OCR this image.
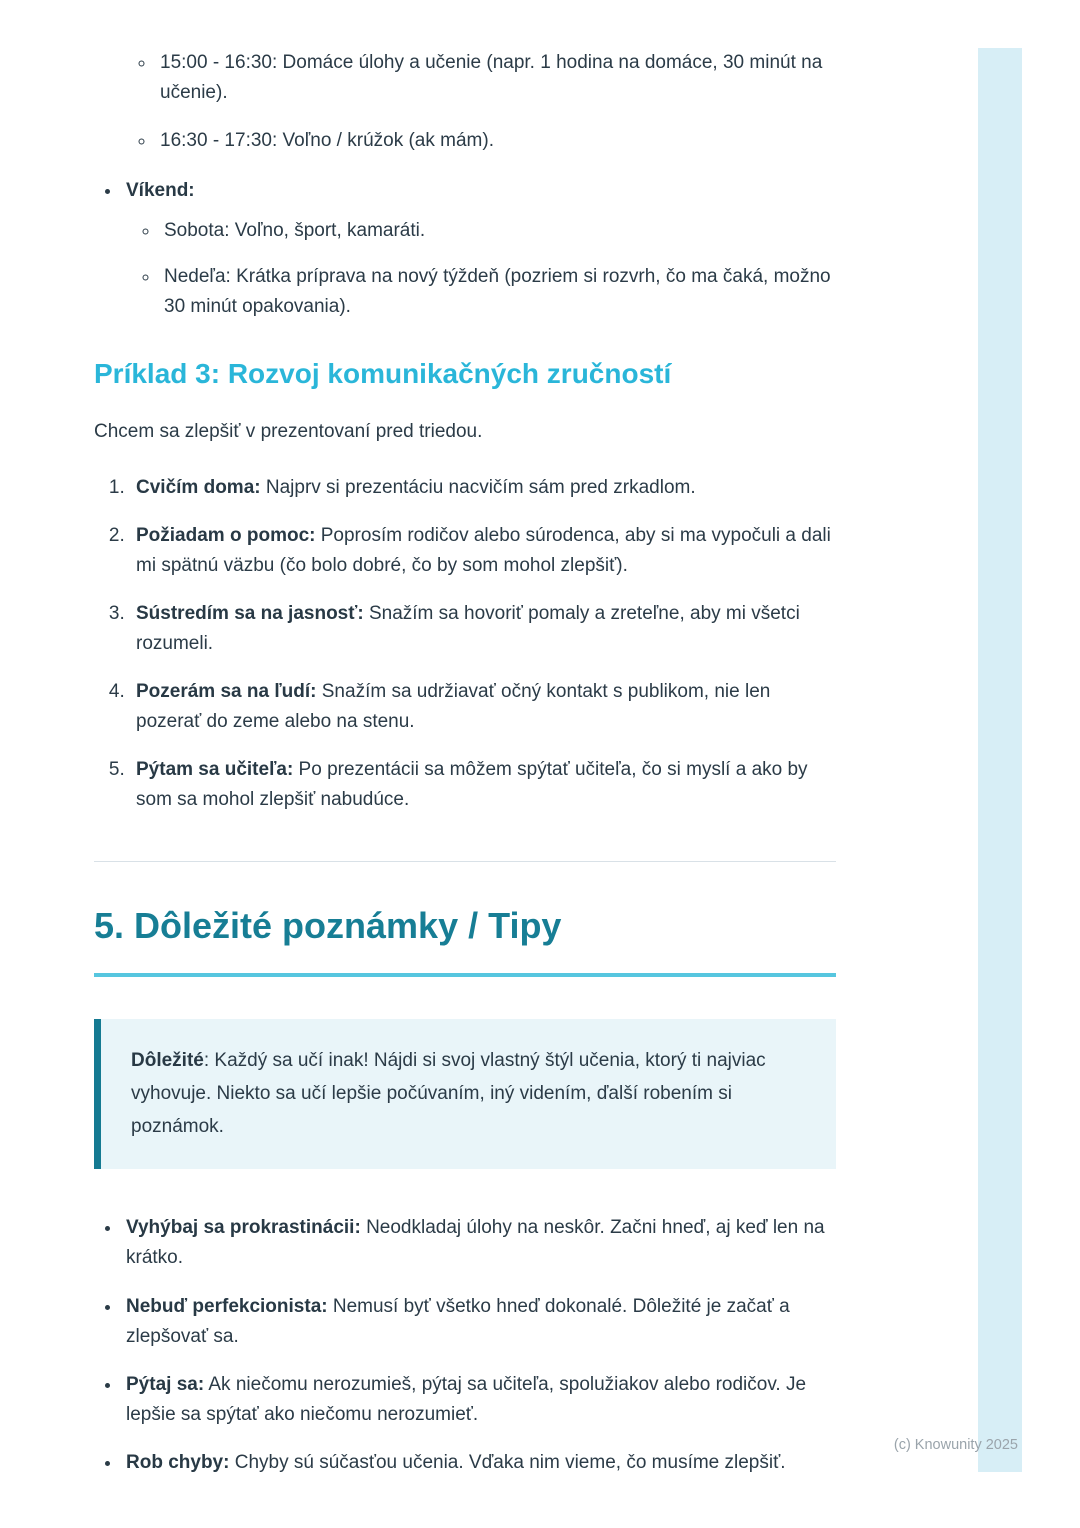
◦ 15:00 - 16:30: Domáce úlohy a učenie (napr. 1 hodina na domáce, 30 minút na učenie).
◦ 16:30 - 17:30: Voľno / krúžok (ak mám).
• Víkend:
◦ Sobota: Voľno, šport, kamaráti.
◦ Nedeľa: Krátka príprava na nový týždeň (pozriem si rozvrh, čo ma čaká, možno 30 minút opakovania).
Príklad 3: Rozvoj komunikačných zručností

Chcem sa zlepšiť v prezentovaní pred triedou.

1. Cvičím doma: Najprv si prezentáciu nacvičím sám pred zrkadlom.
2. Požiadam o pomoc: Poprosím rodičov alebo súrodenca, aby si ma vypočuli a dali mi spätnú väzbu (čo bolo dobré, čo by som mohol zlepšiť).
3. Sústredím sa na jasnosť: Snažím sa hovoriť pomaly a zreteľne, aby mi všetci rozumeli.
4. Pozerám sa na ľudí: Snažím sa udržiavať očný kontakt s publikom, nie len pozerať do zeme alebo na stenu.
5. Pýtam sa učiteľa: Po prezentácii sa môžem spýtať učiteľa, čo si myslí a ako by som sa mohol zlepšiť nabudúce.
5. Dôležité poznámky / Tipy
Dôležité: Každý sa učí inak! Nájdi si svoj vlastný štýl učenia, ktorý ti najviac vyhovuje. Niekto sa učí lepšie počúvaním, iný videním, ďalší robením si poznámok.
• Vyhýbaj sa prokrastinácii: Neodkladaj úlohy na neskôr. Začni hneď, aj keď len na krátko.
• Nebuď perfekcionista: Nemusí byť všetko hneď dokonalé. Dôležité je začať a zlepšovať sa.
• Pýtaj sa: Ak niečomu nerozumieš, pýtaj sa učiteľa, spolužiakov alebo rodičov. Je lepšie sa spýtať ako niečomu nerozumieť.
• Rob chyby: Chyby sú súčasťou učenia. Vďaka nim vieme, čo musíme zlepšiť.
(c) Knowunity 2025
